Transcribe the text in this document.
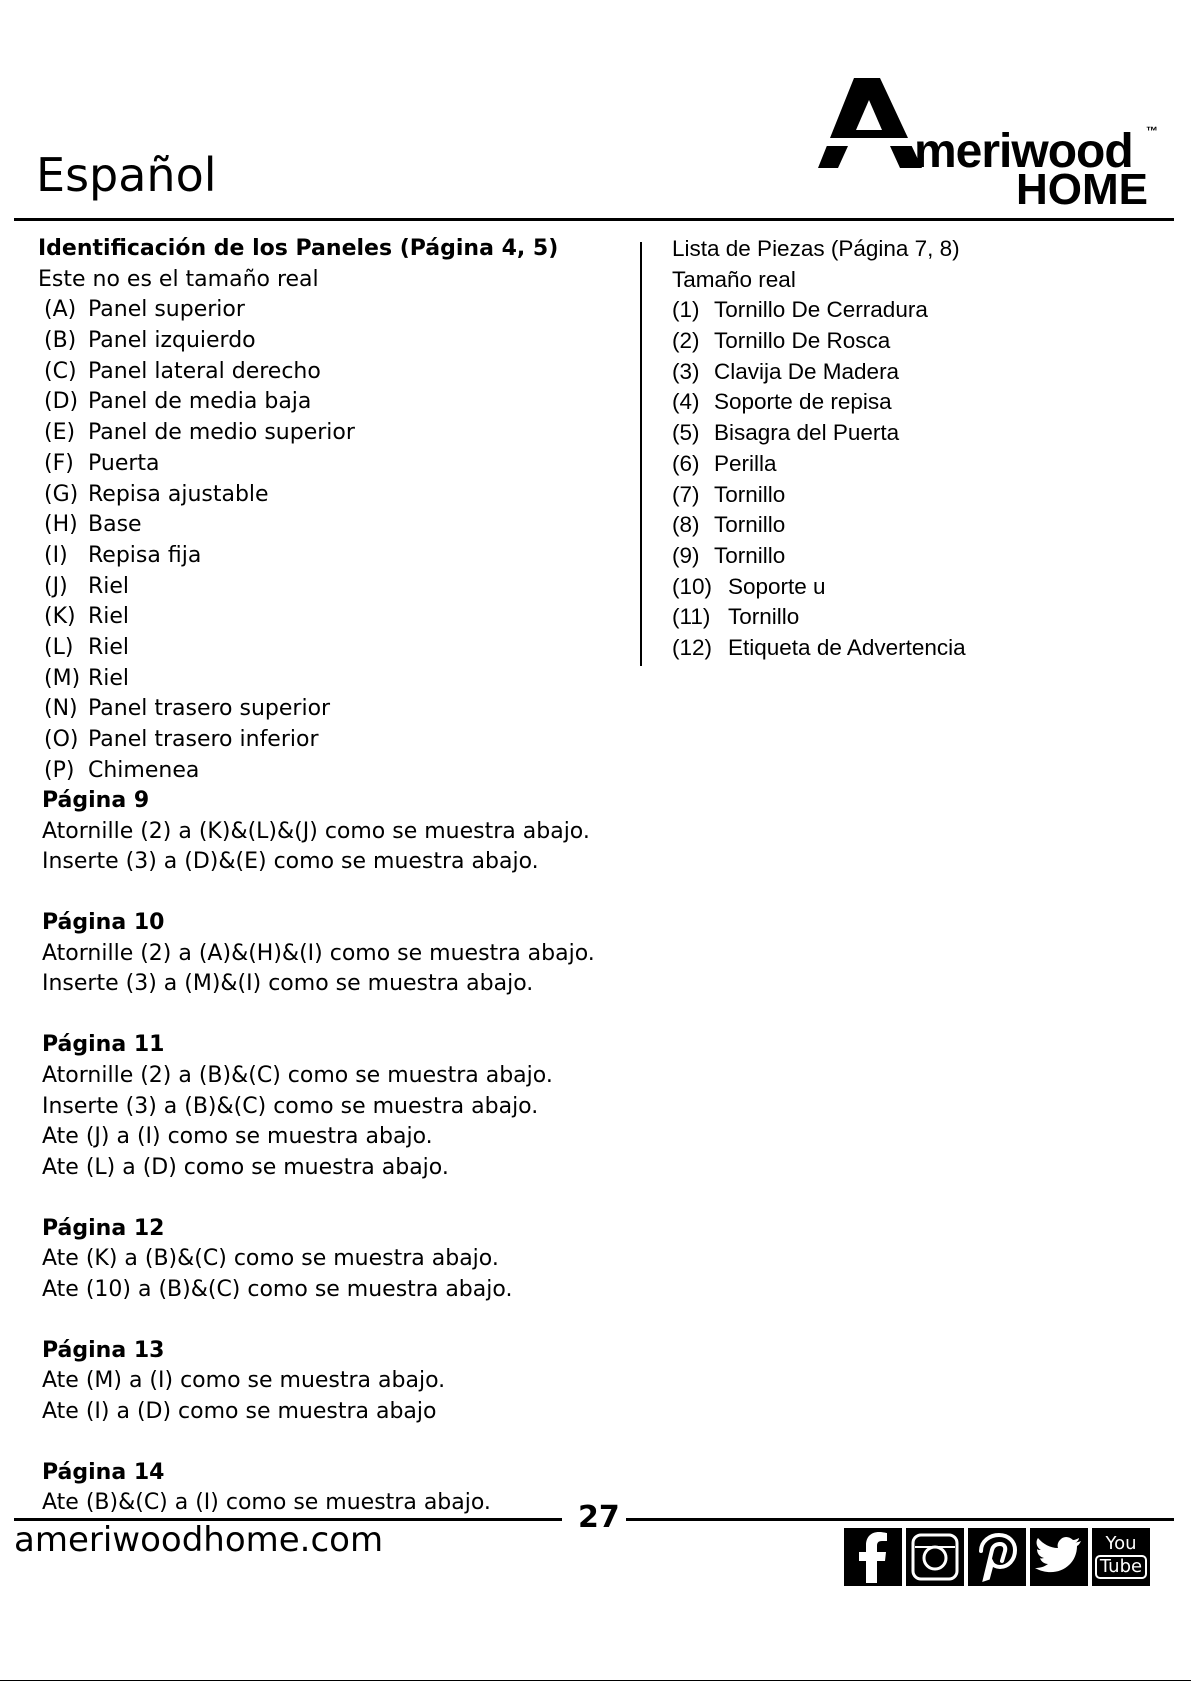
Español	meriwood ™
HOME
Identificación de los Paneles (Página 4, 5)
Este no es el tamaño real
(A) Panel superior
(B) Panel izquierdo
(C) Panel lateral derecho
(D) Panel de media baja
(E) Panel de medio superior
(F) Puerta
(G) Repisa ajustable
(H) Base
(I) Repisa fija
(J) Riel
(K) Riel
(L) Riel
(M) Riel
(N) Panel trasero superior
(O) Panel trasero inferior
(P) Chimenea
Lista de Piezas (Página 7, 8)
Tamaño real
(1) Tornillo De Cerradura
(2) Tornillo De Rosca
(3) Clavija De Madera
(4) Soporte de repisa
(5) Bisagra del Puerta
(6) Perilla
(7) Tornillo
(8) Tornillo
(9) Tornillo
(10) Soporte u
(11) Tornillo
(12) Etiqueta de Advertencia
Página 9
Atornille (2) a (K)&(L)&(J) como se muestra abajo.
Inserte (3) a (D)&(E) como se muestra abajo.
Página 10
Atornille (2) a (A)&(H)&(I) como se muestra abajo.
Inserte (3) a (M)&(I) como se muestra abajo.
Página 11
Atornille (2) a (B)&(C) como se muestra abajo.
Inserte (3) a (B)&(C) como se muestra abajo.
Ate (J) a (I) como se muestra abajo.
Ate (L) a (D) como se muestra abajo.
Página 12
Ate (K) a (B)&(C) como se muestra abajo.
Ate (10) a (B)&(C) como se muestra abajo.
Página 13
Ate (M) a (I) como se muestra abajo.
Ate (I) a (D) como se muestra abajo
Página 14
Ate (B)&(C) a (I) como se muestra abajo.	27
ameriwoodhome.com	You
Tube
